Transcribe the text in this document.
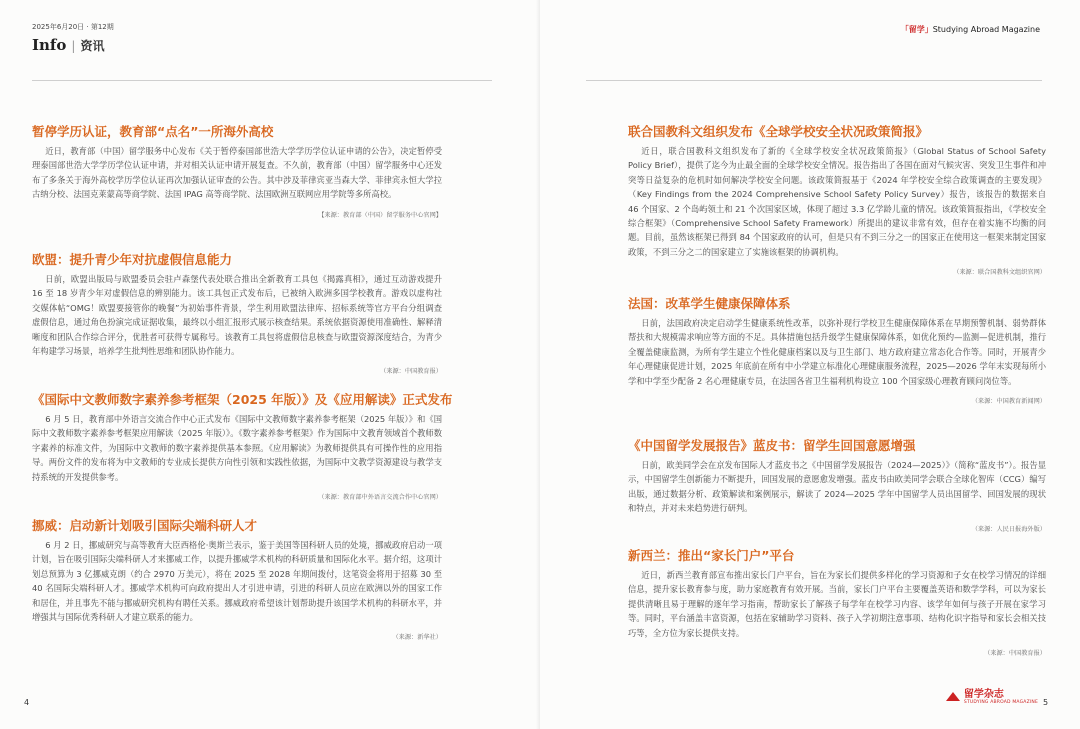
2025年6月20日 · 第12期
Info | 资讯
暂停学历认证，教育部“点名”一所海外高校
近日，教育部（中国）留学服务中心发布《关于暂停泰国部世浩大学学历学位认证申请的公告》，决定暂停受理泰国部世浩大学学历学位认证申请，并对相关认证申请开展复查。不久前，教育部（中国）留学服务中心还发布了多条关于海外高校学历学位认证再次加强认证审查的公告。其中涉及菲律宾亚当森大学、菲律宾永恒大学拉古纳分校、法国克莱蒙高等商学院、法国 IPAG 高等商学院、法国欧洲互联网应用学院等多所高校。
【来源：教育部（中国）留学服务中心官网】
欧盟：提升青少年对抗虚假信息能力
日前，欧盟出版局与欧盟委员会驻卢森堡代表处联合推出全新教育工具包《揭露真相》，通过互动游戏提升 16 至 18 岁青少年对虚假信息的辨别能力。该工具包正式发布后，已被纳入欧洲多国学校教育。游戏以虚构社交媒体帖“OMG！欧盟要接管你的晚餐”为初始事件背景，学生利用欧盟法律库、招标系统等官方平台分组调查虚假信息，通过角色扮演完成证据收集，最终以小组汇报形式展示核查结果。系统依据资源使用准确性、解释清晰度和团队合作综合评分，优胜者可获得专属称号。该教育工具包将虚假信息核查与欧盟资源深度结合，为青少年构建学习场景，培养学生批判性思维和团队协作能力。
（来源：中国教育报）
《国际中文教师数字素养参考框架（2025 年版）》及《应用解读》正式发布
6 月 5 日，教育部中外语言交流合作中心正式发布《国际中文教师数字素养参考框架（2025 年版）》和《国际中文教师数字素养参考框架应用解读（2025 年版）》。《数字素养参考框架》作为国际中文教育领域首个教师数字素养的标准文件，为国际中文教师的数字素养提供基本参照。《应用解读》为教师提供具有可操作性的应用指导。两份文件的发布将为中文教师的专业成长提供方向性引领和实践性依据，为国际中文教学资源建设与教学支持系统的开发提供参考。
（来源：教育部中外语言交流合作中心官网）
挪威：启动新计划吸引国际尖端科研人才
6 月 2 日，挪威研究与高等教育大臣西格伦·奥斯兰表示，鉴于美国等国科研人员的处境，挪威政府启动一项计划，旨在吸引国际尖端科研人才来挪威工作，以提升挪威学术机构的科研质量和国际化水平。据介绍，这项计划总预算为 3 亿挪威克朗（约合 2970 万美元），将在 2025 至 2028 年期间拨付，这笔资金将用于招募 30 至 40 名国际尖端科研人才。挪威学术机构可向政府提出人才引进申请，引进的科研人员应在欧洲以外的国家工作和居住，并且事先不能与挪威研究机构有聘任关系。挪威政府希望该计划帮助提升该国学术机构的科研水平，并增强其与国际优秀科研人才建立联系的能力。
（来源：新华社）
4
「留学」Studying Abroad Magazine
联合国教科文组织发布《全球学校安全状况政策简报》
近日，联合国教科文组织发布了新的《全球学校安全状况政策简报》（Global Status of School Safety Policy Brief），提供了迄今为止最全面的全球学校安全情况。报告指出了各国在面对气候灾害、突发卫生事件和冲突等日益复杂的危机时如何解决学校安全问题。该政策简报基于《2024 年学校安全综合政策调查的主要发现》（Key Findings from the 2024 Comprehensive School Safety Policy Survey）报告，该报告的数据来自 46 个国家、2 个岛屿领土和 21 个次国家区域，体现了超过 3.3 亿学龄儿童的情况。该政策简报指出，《学校安全综合框架》（Comprehensive School Safety Framework）所提出的建议非常有效，但存在着实施不均衡的问题。目前，虽然该框架已得到 84 个国家政府的认可，但是只有不到三分之一的国家正在使用这一框架来制定国家政策，不到三分之二的国家建立了实施该框架的协调机构。
（来源：联合国教科文组织官网）
法国：改革学生健康保障体系
日前，法国政府决定启动学生健康系统性改革，以弥补现行学校卫生健康保障体系在早期预警机制、弱势群体帮扶和大规模需求响应等方面的不足。具体措施包括升级学生健康保障体系，如优化预约—监测—促进机制，推行全覆盖健康监测，为所有学生建立个性化健康档案以及与卫生部门、地方政府建立常态化合作等。同时，开展青少年心理健康促进计划，2025 年底前在所有中小学建立标准化心理健康服务流程，2025—2026 学年末实现每所小学和中学至少配备 2 名心理健康专员，在法国各省卫生福利机构设立 100 个国家级心理教育顾问岗位等。
（来源：中国教育新闻网）
《中国留学发展报告》蓝皮书：留学生回国意愿增强
日前，欧美同学会在京发布国际人才蓝皮书之《中国留学发展报告（2024—2025）》（简称“蓝皮书”）。报告显示，中国留学生创新能力不断提升，回国发展的意愿愈发增强。蓝皮书由欧美同学会联合全球化智库（CCG）编写出版，通过数据分析、政策解读和案例展示，解读了 2024—2025 学年中国留学人员出国留学、回国发展的现状和特点，并对未来趋势进行研判。
（来源：人民日报海外版）
新西兰：推出“家长门户”平台
近日，新西兰教育部宣布推出家长门户平台，旨在为家长们提供多样化的学习资源和子女在校学习情况的详细信息，提升家长教育参与度，助力家庭教育有效开展。当前，家长门户平台主要覆盖英语和数学学科，可以为家长提供清晰且易于理解的逐年学习指南，帮助家长了解孩子每学年在校学习内容、该学年如何与孩子开展在家学习等。同时，平台涵盖丰富资源，包括在家辅助学习资料、孩子入学初期注意事项、结构化识字指导和家长会相关技巧等，全方位为家长提供支持。
（来源：中国教育报）
留学杂志
STUDYING ABROAD MAGAZINE 5
